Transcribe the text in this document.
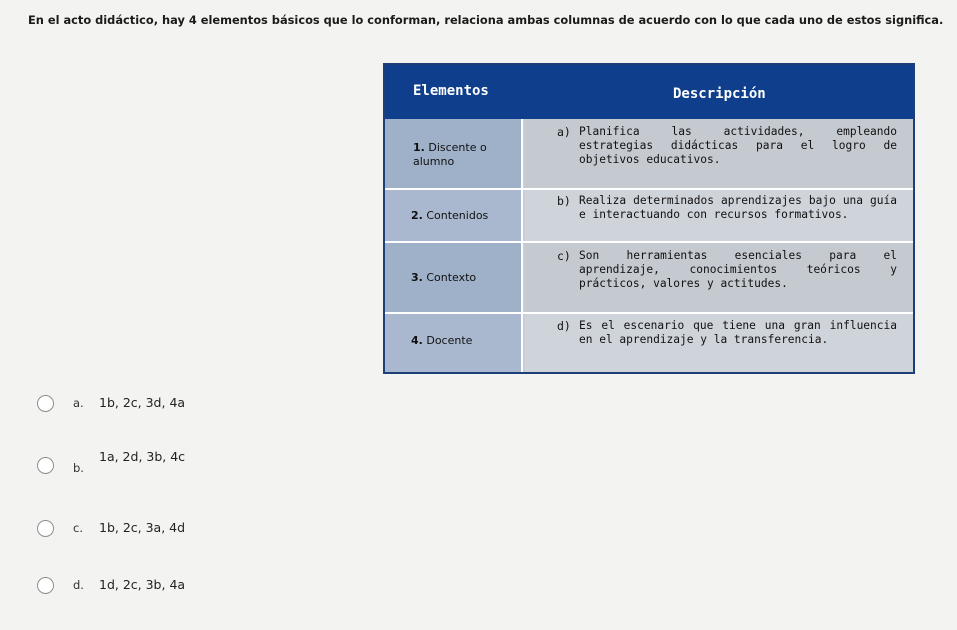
En el acto didáctico, hay 4 elementos básicos que lo conforman, relaciona ambas columnas de acuerdo con lo que cada uno de estos significa.
Elementos	Descripción
1. Discente o alumno
a) Planifica las actividades, empleando estrategias didácticas para el logro de objetivos educativos.
2. Contenidos
b) Realiza determinados aprendizajes bajo una guía e interactuando con recursos formativos.
3. Contexto
c) Son herramientas esenciales para el aprendizaje, conocimientos teóricos y prácticos, valores y actitudes.
4. Docente
d) Es el escenario que tiene una gran influencia en el aprendizaje y la transferencia.
a. 1b, 2c, 3d, 4a
b.
1a, 2d, 3b, 4c
c. 1b, 2c, 3a, 4d
d. 1d, 2c, 3b, 4a
